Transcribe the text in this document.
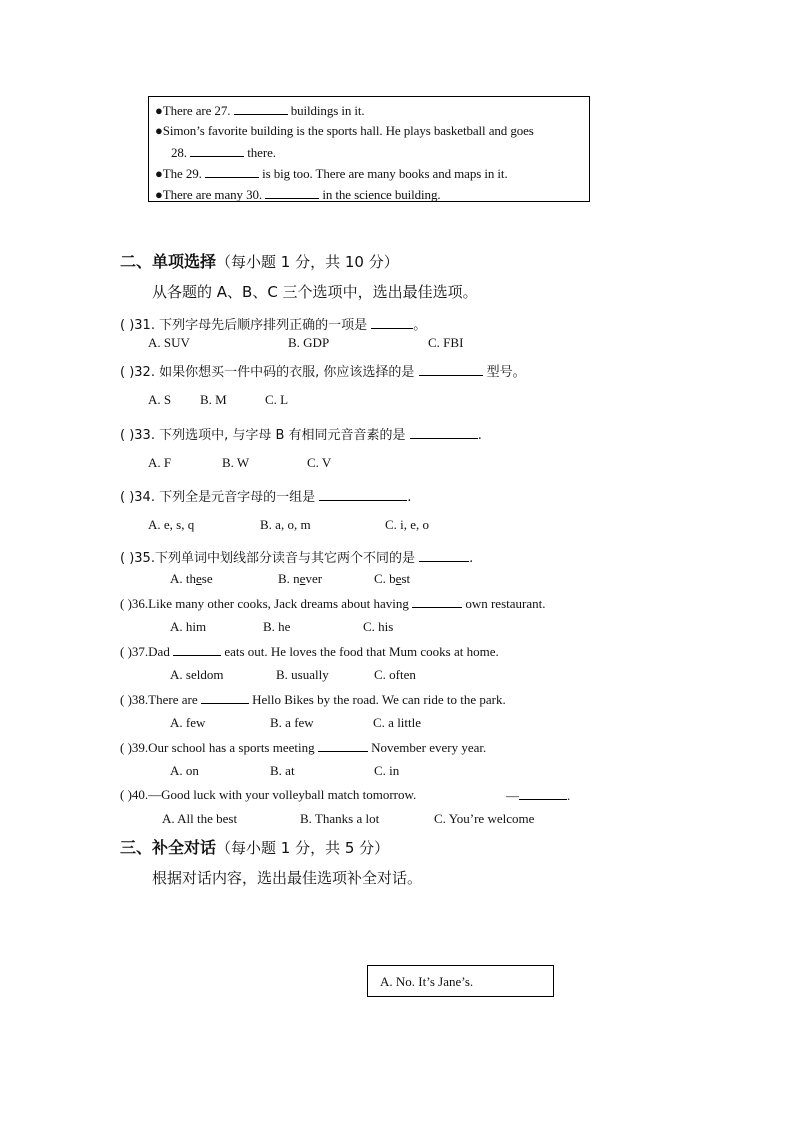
●There are 27.	buildings in it.
●Simon’s favorite building is the sports hall. He plays basketball and goes
28.	there.
●The 29.	is big too. There are many books and maps in it.
●There are many 30.	in the science building.
二、单项选择（每小题 1 分，共 10 分）
从各题的 A、B、C 三个选项中，选出最佳选项。
( )31. 下列字母先后顺序排列正确的一项是	。
A. SUV	B. GDP	C. FBI
( )32. 如果你想买一件中码的衣服, 你应该选择的是	型号。
A. S B. M	C. L
( )33. 下列选项中, 与字母 B 有相同元音音素的是	.
A. F	B. W	C. V
( )34. 下列全是元音字母的一组是	.
A. e, s, q	B. a, o, m	C. i, e, o
( )35.下列单词中划线部分读音与其它两个不同的是	.
A. these	B. never	C. best
( )36.Like many other cooks, Jack dreams about having	own restaurant.
A. him	B. he	C. his
( )37.Dad	eats out. He loves the food that Mum cooks at home.
A. seldom	B. usually	C. often
( )38.There are	Hello Bikes by the road. We can ride to the park.
A. few	B. a few	C. a little
( )39.Our school has a sports meeting	November every year.
A. on	B. at	C. in
( )40.—Good luck with your volleyball match tomorrow.	—	.
A. All the best	B. Thanks a lot	C. You’re welcome
三、补全对话（每小题 1 分，共 5 分）
根据对话内容，选出最佳选项补全对话。
A. No. It’s Jane’s.
